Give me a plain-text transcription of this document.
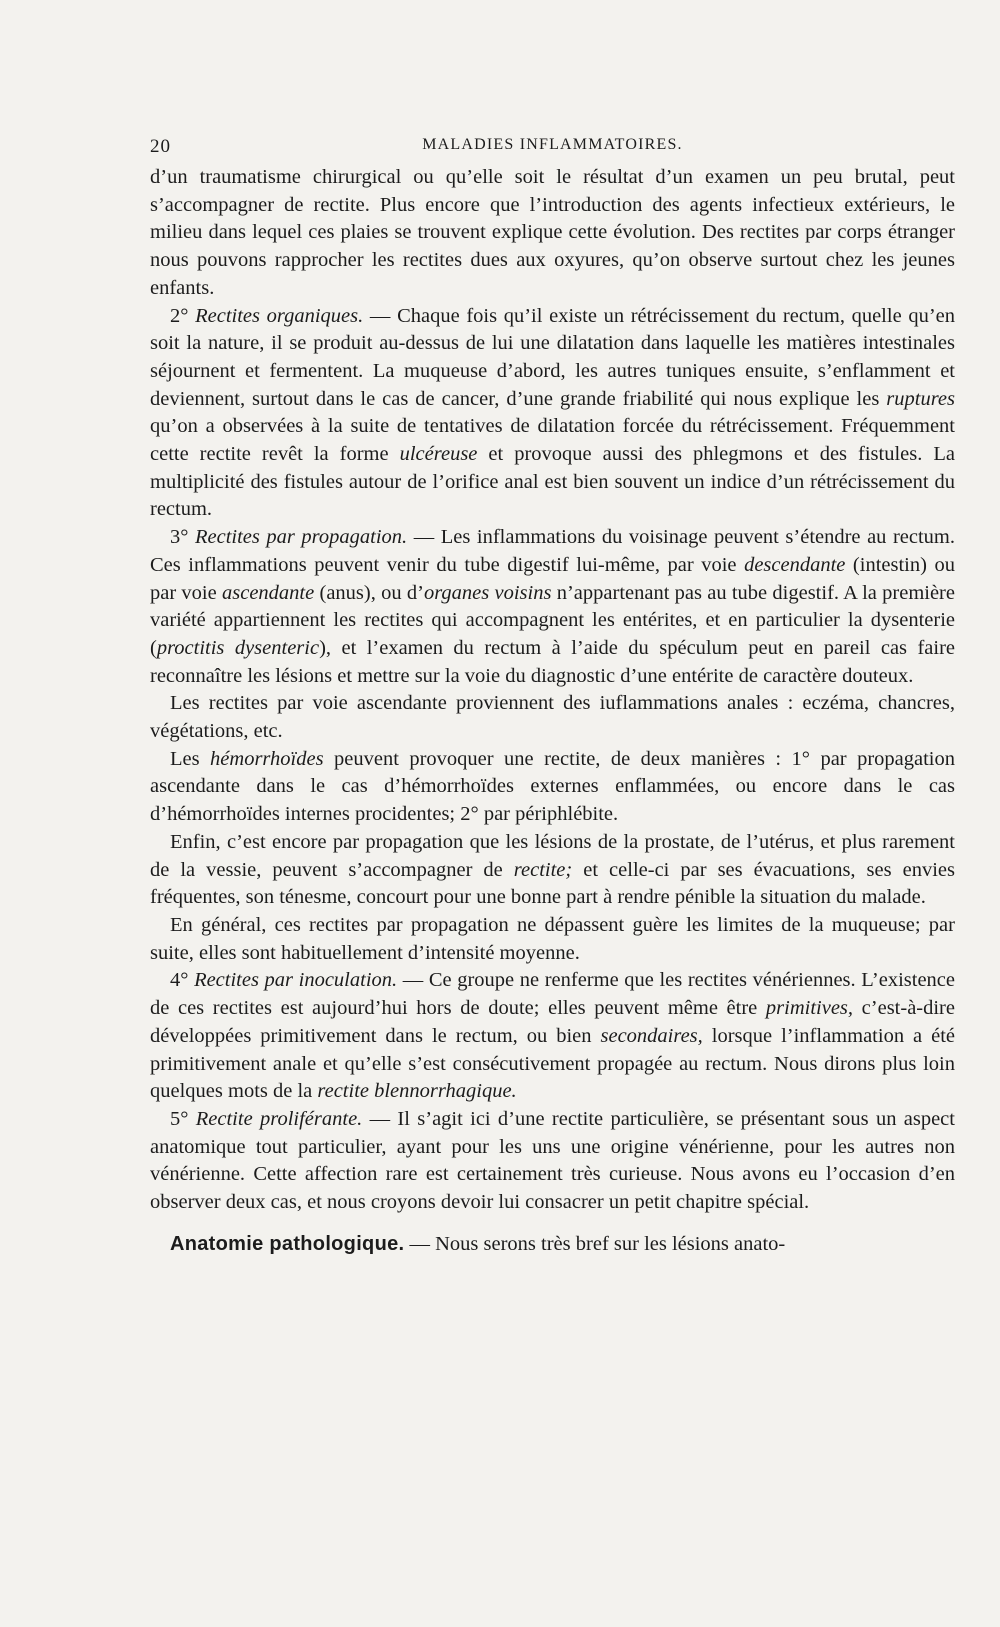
20	MALADIES INFLAMMATOIRES.

d’un traumatisme chirurgical ou qu’elle soit le résultat d’un examen un peu brutal, peut s’accompagner de rectite. Plus encore que l’introduction des agents infectieux extérieurs, le milieu dans lequel ces plaies se trouvent explique cette évolution. Des rectites par corps étranger nous pouvons rapprocher les rectites dues aux oxyures, qu’on observe surtout chez les jeunes enfants.

2° Rectites organiques. — Chaque fois qu’il existe un rétrécissement du rectum, quelle qu’en soit la nature, il se produit au-dessus de lui une dilatation dans laquelle les matières intestinales séjournent et fermentent. La muqueuse d’abord, les autres tuniques ensuite, s’enflamment et deviennent, surtout dans le cas de cancer, d’une grande friabilité qui nous explique les ruptures qu’on a observées à la suite de tentatives de dilatation forcée du rétrécissement. Fréquemment cette rectite revêt la forme ulcéreuse et provoque aussi des phlegmons et des fistules. La multiplicité des fistules autour de l’orifice anal est bien souvent un indice d’un rétrécissement du rectum.

3° Rectites par propagation. — Les inflammations du voisinage peuvent s’étendre au rectum. Ces inflammations peuvent venir du tube digestif lui-même, par voie descendante (intestin) ou par voie ascendante (anus), ou d’organes voisins n’appartenant pas au tube digestif. A la première variété appartiennent les rectites qui accompagnent les entérites, et en particulier la dysenterie (proctitis dysenteric), et l’examen du rectum à l’aide du spéculum peut en pareil cas faire reconnaître les lésions et mettre sur la voie du diagnostic d’une entérite de caractère douteux.

Les rectites par voie ascendante proviennent des iuflammations anales : eczéma, chancres, végétations, etc.

Les hémorrhoïdes peuvent provoquer une rectite, de deux manières : 1° par propagation ascendante dans le cas d’hémorrhoïdes externes enflammées, ou encore dans le cas d’hémorrhoïdes internes procidentes; 2° par périphlébite.

Enfin, c’est encore par propagation que les lésions de la prostate, de l’utérus, et plus rarement de la vessie, peuvent s’accompagner de rectite; et celle-ci par ses évacuations, ses envies fréquentes, son ténesme, concourt pour une bonne part à rendre pénible la situation du malade.

En général, ces rectites par propagation ne dépassent guère les limites de la muqueuse; par suite, elles sont habituellement d’intensité moyenne.

4° Rectites par inoculation. — Ce groupe ne renferme que les rectites vénériennes. L’existence de ces rectites est aujourd’hui hors de doute; elles peuvent même être primitives, c’est-à-dire développées primitivement dans le rectum, ou bien secondaires, lorsque l’inflammation a été primitivement anale et qu’elle s’est consécutivement propagée au rectum. Nous dirons plus loin quelques mots de la rectite blennorrhagique.

5° Rectite proliférante. — Il s’agit ici d’une rectite particulière, se présentant sous un aspect anatomique tout particulier, ayant pour les uns une origine vénérienne, pour les autres non vénérienne. Cette affection rare est certainement très curieuse. Nous avons eu l’occasion d’en observer deux cas, et nous croyons devoir lui consacrer un petit chapitre spécial.

Anatomie pathologique. — Nous serons très bref sur les lésions anato-
